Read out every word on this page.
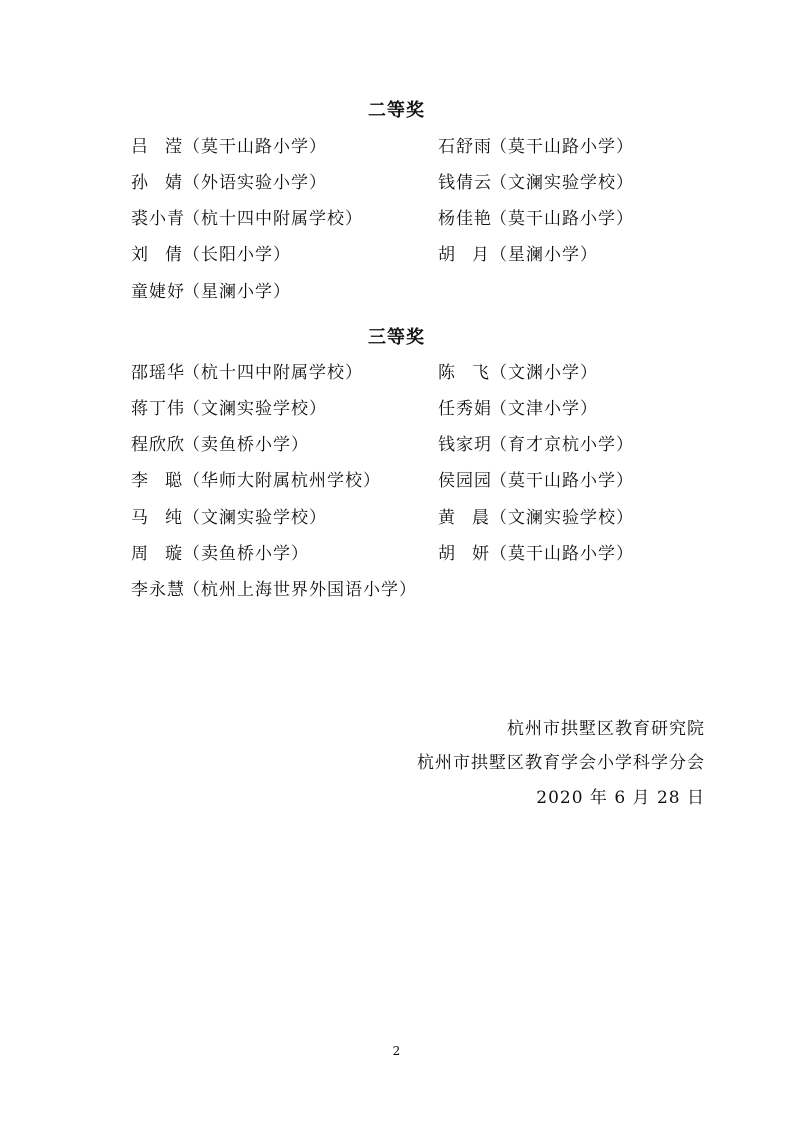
二等奖
吕 滢（莫干山路小学）
孙 婧（外语实验小学）
裘小青（杭十四中附属学校）
刘 倩（长阳小学）
童婕妤（星澜小学）
石舒雨（莫干山路小学）
钱倩云（文澜实验学校）
杨佳艳（莫干山路小学）
胡 月（星澜小学）
三等奖
邵瑶华（杭十四中附属学校）
蒋丁伟（文澜实验学校）
程欣欣（卖鱼桥小学）
李 聪（华师大附属杭州学校）
马 纯（文澜实验学校）
周 璇（卖鱼桥小学）
李永慧（杭州上海世界外国语小学）
陈 飞（文渊小学）
任秀娟（文津小学）
钱家玥（育才京杭小学）
侯园园（莫干山路小学）
黄 晨（文澜实验学校）
胡 妍（莫干山路小学）
杭州市拱墅区教育研究院
杭州市拱墅区教育学会小学科学分会
2020 年 6 月 28 日
2
